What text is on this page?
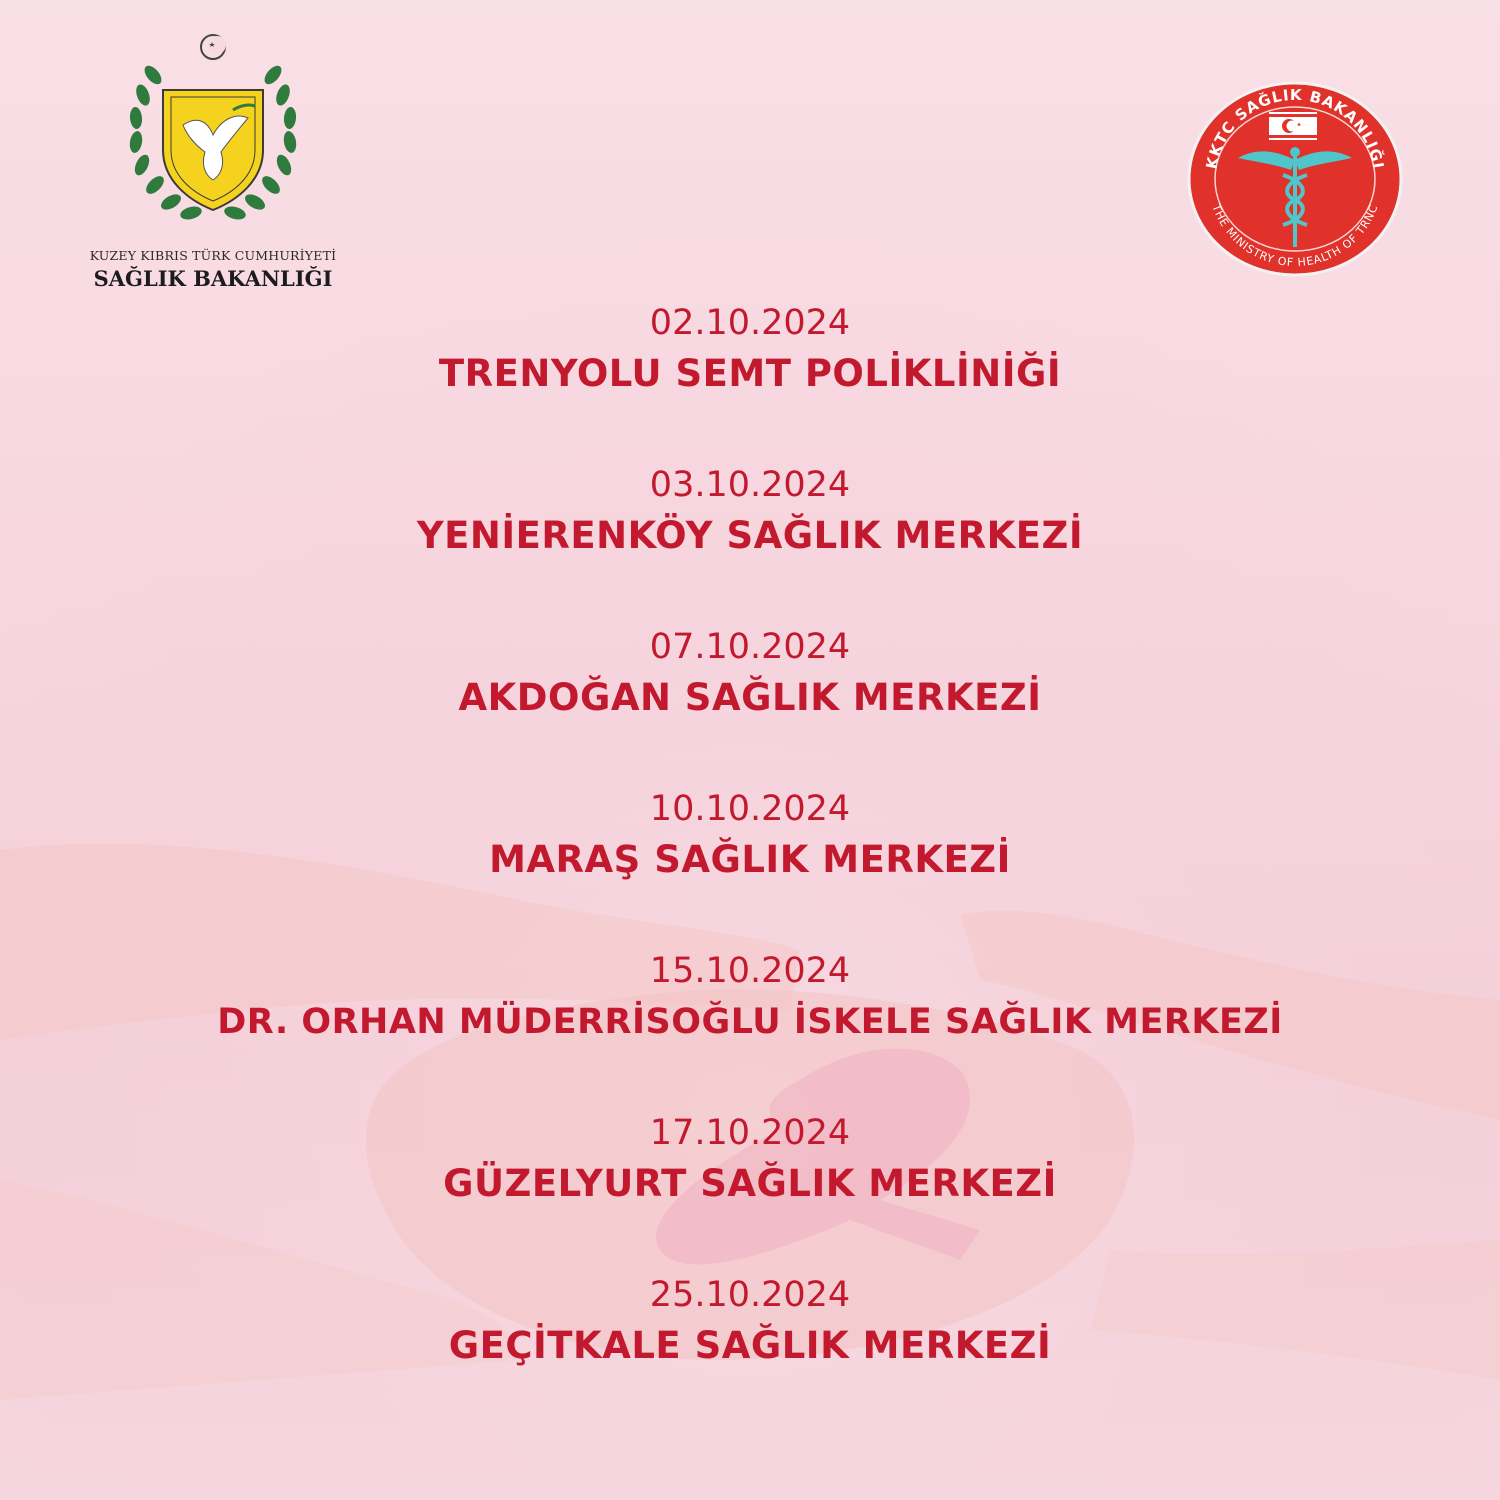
KUZEY KIBRIS TÜRK CUMHURİYETİ
SAĞLIK BAKANLIĞI
KKTC SAĞLIK BAKANLIĞI
THE MINISTRY OF HEALTH OF TRNC
02.10.2024
TRENYOLU SEMT POLİKLİNİĞİ
03.10.2024
YENİERENKÖY SAĞLIK MERKEZİ
07.10.2024
AKDOĞAN SAĞLIK MERKEZİ
10.10.2024
MARAŞ SAĞLIK MERKEZİ
15.10.2024
DR. ORHAN MÜDERRİSOĞLU İSKELE SAĞLIK MERKEZİ
17.10.2024
GÜZELYURT SAĞLIK MERKEZİ
25.10.2024
GEÇİTKALE SAĞLIK MERKEZİ
